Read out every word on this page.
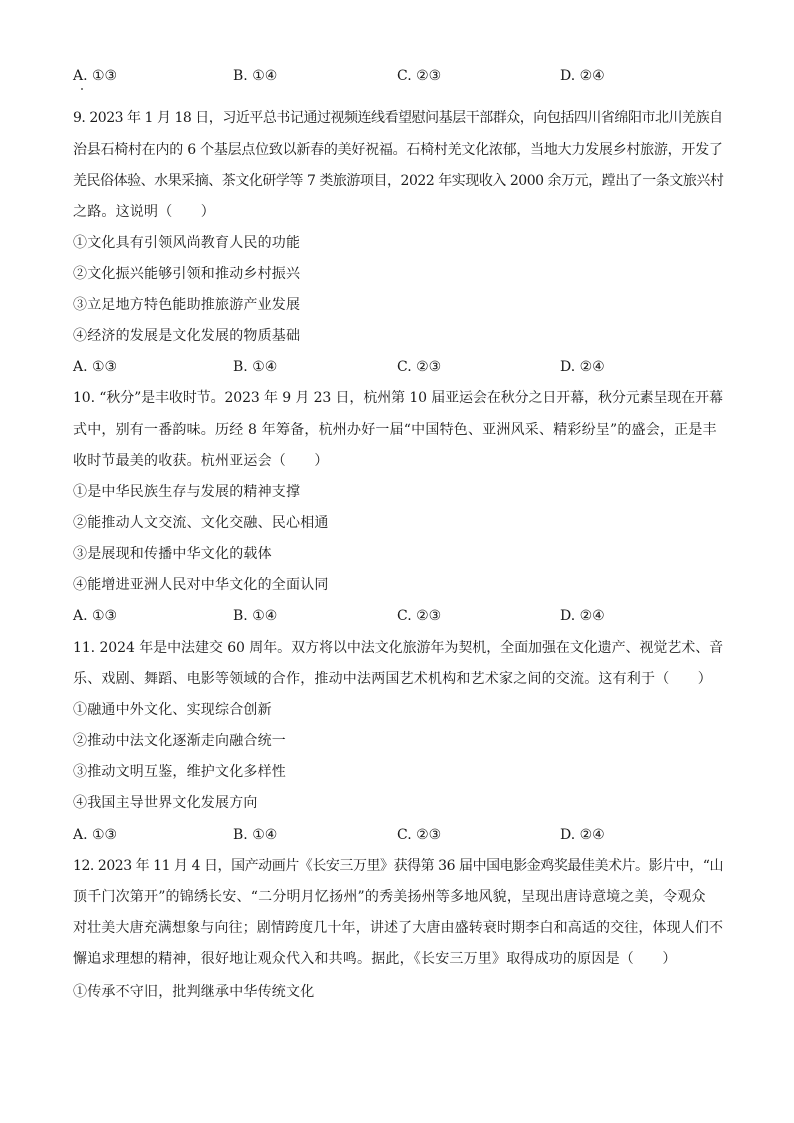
A. ①③	B. ①④	C. ②③	D. ②④
9. 2023 年 1 月 18 日，习近平总书记通过视频连线看望慰问基层干部群众，向包括四川省绵阳市北川羌族自
治县石椅村在内的 6 个基层点位致以新春的美好祝福。石椅村羌文化浓郁，当地大力发展乡村旅游，开发了
羌民俗体验、水果采摘、茶文化研学等 7 类旅游项目，2022 年实现收入 2000 余万元，蹚出了一条文旅兴村
之路。这说明（　　）
①文化具有引领风尚教育人民的功能
②文化振兴能够引领和推动乡村振兴
③立足地方特色能助推旅游产业发展
④经济的发展是文化发展的物质基础
A. ①③	B. ①④	C. ②③	D. ②④
10. “秋分”是丰收时节。2023 年 9 月 23 日，杭州第 10 届亚运会在秋分之日开幕，秋分元素呈现在开幕
式中，别有一番韵味。历经 8 年筹备，杭州办好一届“中国特色、亚洲风采、精彩纷呈”的盛会，正是丰
收时节最美的收获。杭州亚运会（　　）
①是中华民族生存与发展的精神支撑
②能推动人文交流、文化交融、民心相通
③是展现和传播中华文化的载体
④能增进亚洲人民对中华文化的全面认同
A. ①③	B. ①④	C. ②③	D. ②④
11. 2024 年是中法建交 60 周年。双方将以中法文化旅游年为契机，全面加强在文化遗产、视觉艺术、音
乐、戏剧、舞蹈、电影等领域的合作，推动中法两国艺术机构和艺术家之间的交流。这有利于（　　）
①融通中外文化、实现综合创新
②推动中法文化逐渐走向融合统一
③推动文明互鉴，维护文化多样性
④我国主导世界文化发展方向
A. ①③	B. ①④	C. ②③	D. ②④
12. 2023 年 11 月 4 日，国产动画片《长安三万里》获得第 36 届中国电影金鸡奖最佳美术片。影片中，“山
顶千门次第开”的锦绣长安、“二分明月忆扬州”的秀美扬州等多地风貌，呈现出唐诗意境之美，令观众
对壮美大唐充满想象与向往；剧情跨度几十年，讲述了大唐由盛转衰时期李白和高适的交往，体现人们不
懈追求理想的精神，很好地让观众代入和共鸣。据此，《长安三万里》取得成功的原因是（　　）
①传承不守旧，批判继承中华传统文化
